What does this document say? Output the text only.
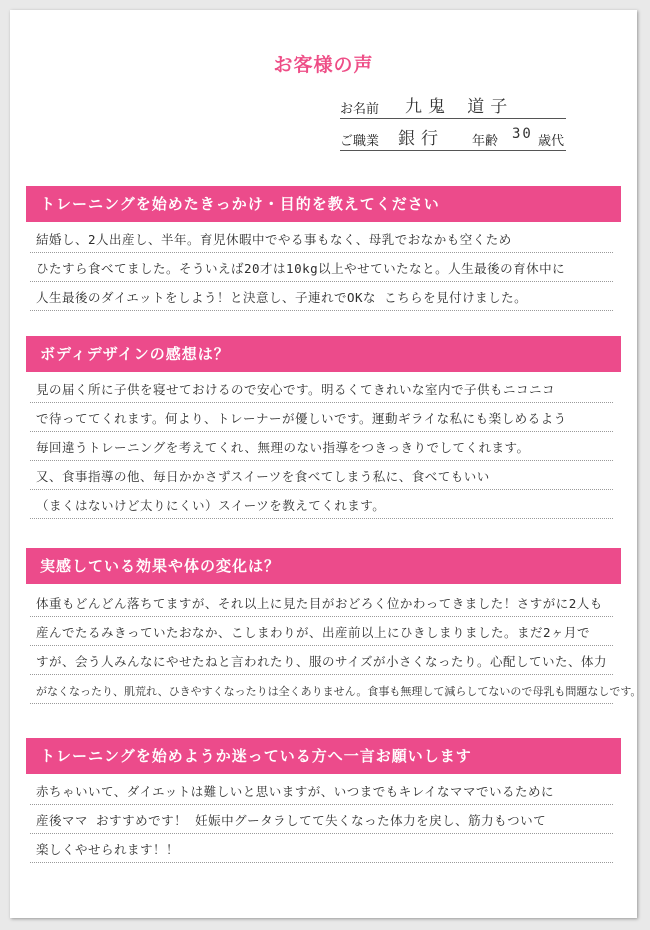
お客様の声
お名前 九鬼 道子
ご職業 銀行 年齢 30 歳代
トレーニングを始めたきっかけ・目的を教えてください
結婚し、2人出産し、半年。育児休暇中でやる事もなく、母乳でおなかも空くため
ひたすら食べてました。そういえば20才は10kg以上やせていたなと。人生最後の育休中に
人生最後のダイエットをしよう！と決意し、子連れでOKな こちらを見付けました。
ボディデザインの感想は？
見の届く所に子供を寝せておけるので安心です。明るくてきれいな室内で子供もニコニコ
で待っててくれます。何より、トレーナーが優しいです。運動ギライな私にも楽しめるよう
毎回違うトレーニングを考えてくれ、無理のない指導をつきっきりでしてくれます。
又、食事指導の他、毎日かかさずスイーツを食べてしまう私に、食べてもいい
（まくはないけど太りにくい）スイーツを教えてくれます。
実感している効果や体の変化は？
体重もどんどん落ちてますが、それ以上に見た目がおどろく位かわってきました！さすがに2人も
産んでたるみきっていたおなか、こしまわりが、出産前以上にひきしまりました。まだ2ヶ月で
すが、会う人みんなにやせたねと言われたり、服のサイズが小さくなったり。心配していた、体力
がなくなったり、肌荒れ、ひきやすくなったりは全くありません。食事も無理して減らしてないので母乳も問題なしです。
トレーニングを始めようか迷っている方へ一言お願いします
赤ちゃいいて、ダイエットは難しいと思いますが、いつまでもキレイなママでいるために
産後ママ おすすめです！ 妊娠中グータラしてて失くなった体力を戻し、筋力もついて
楽しくやせられます！！
